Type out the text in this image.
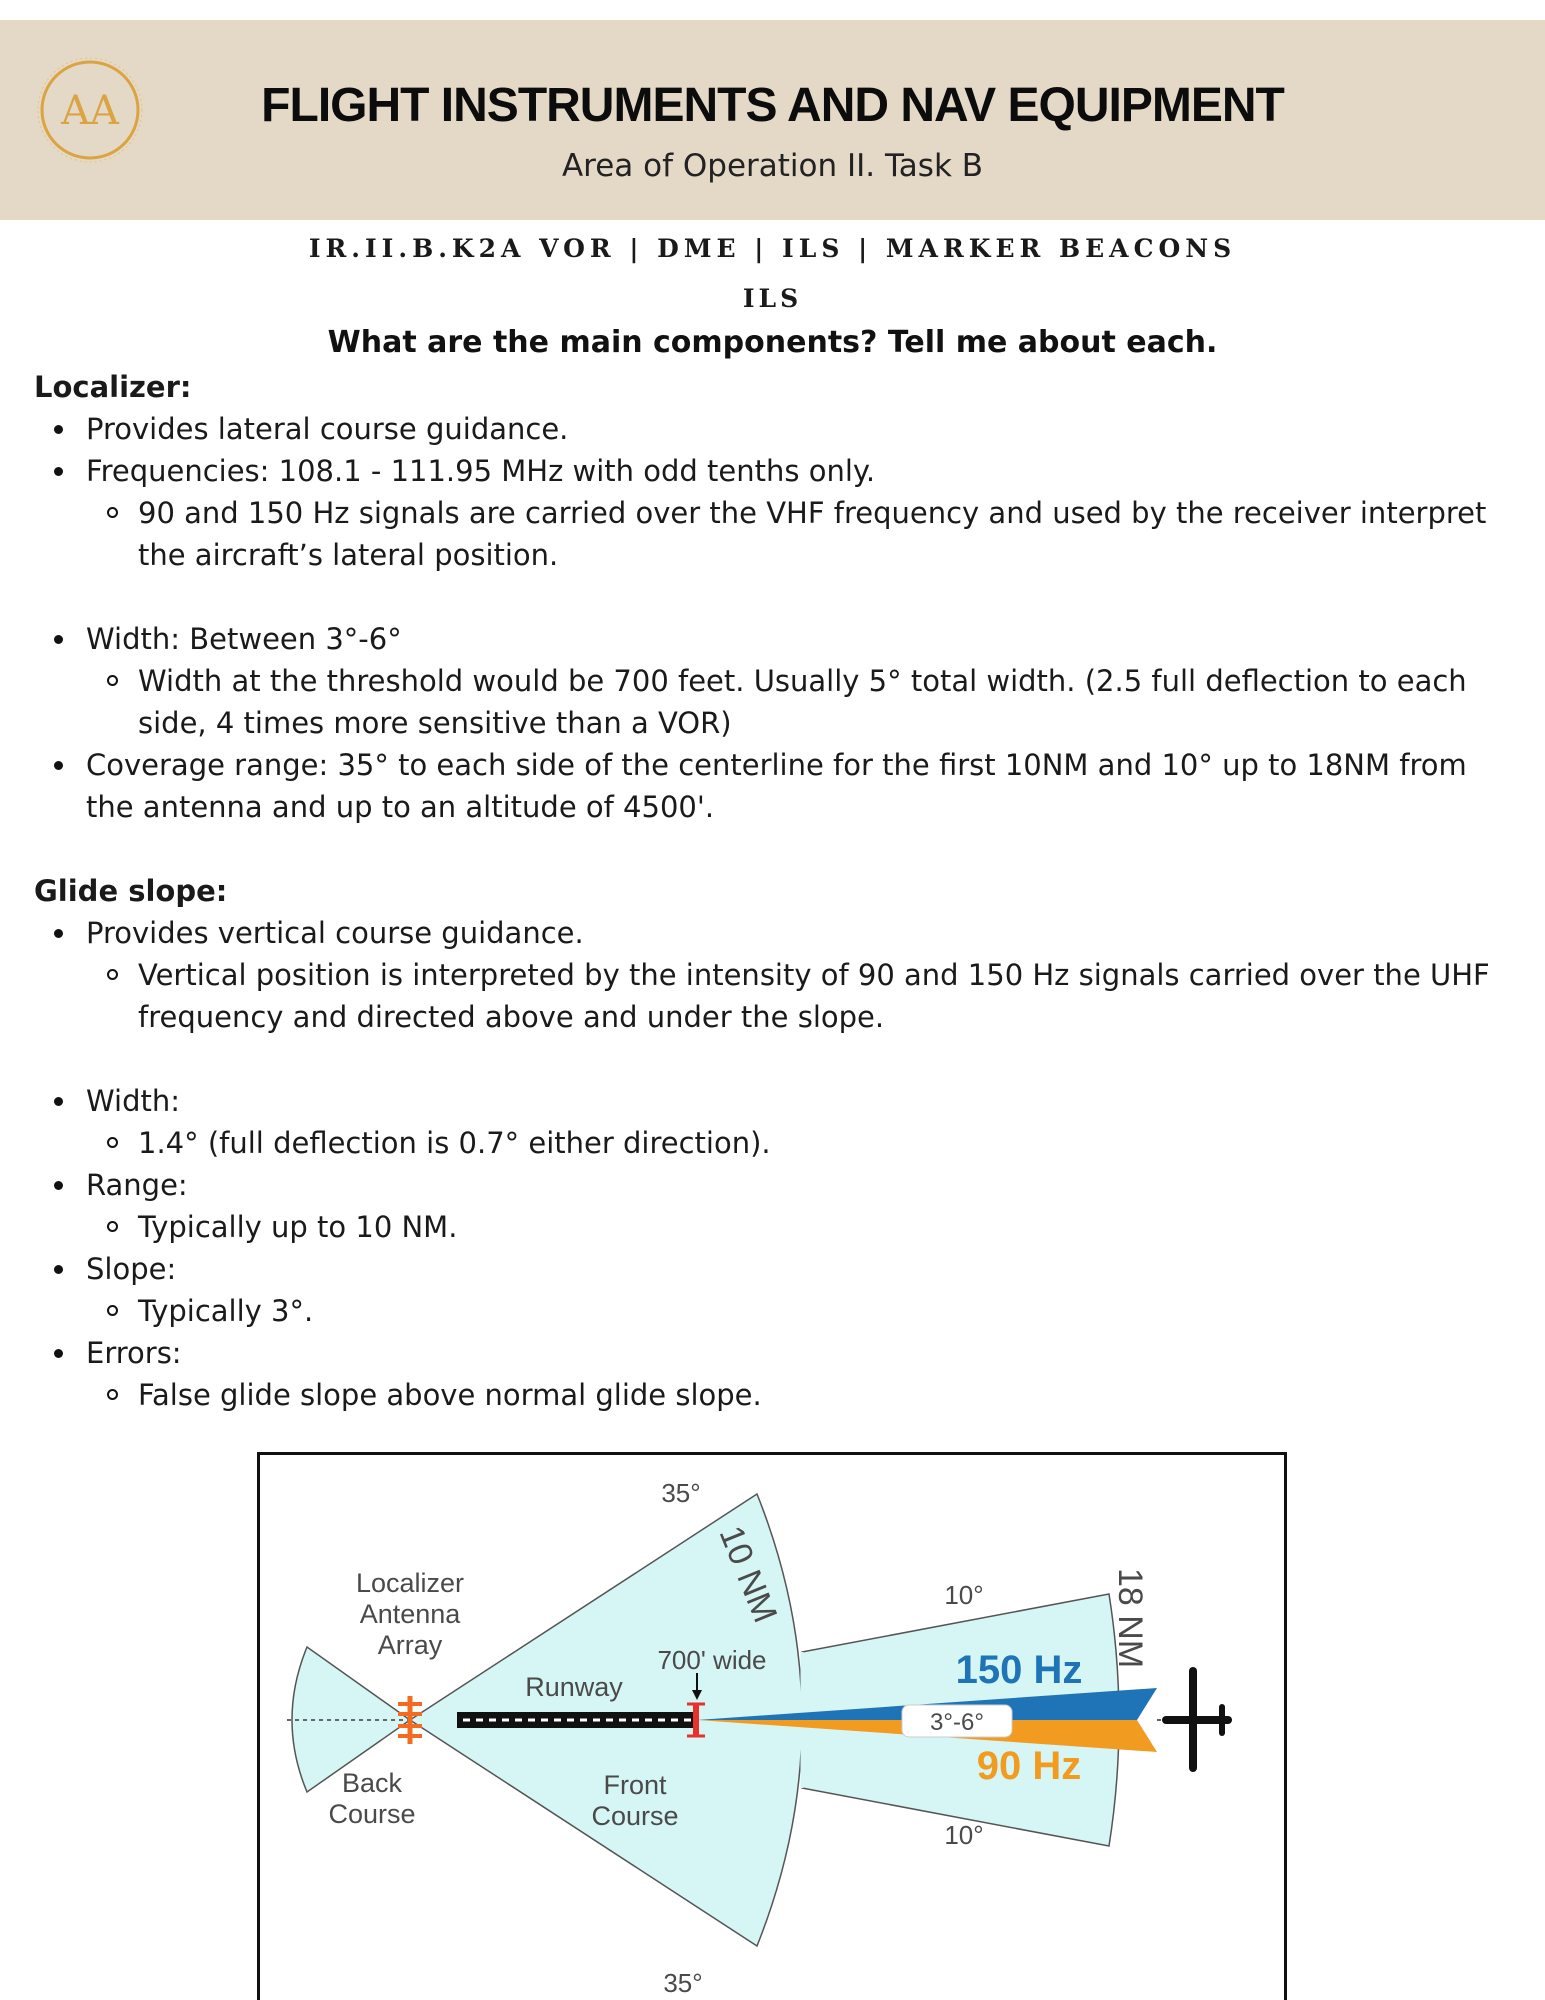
AA	FLIGHT INSTRUMENTS AND NAV EQUIPMENT
Area of Operation II. Task B
IR.II.B.K2A VOR | DME | ILS | MARKER BEACONS
ILS
What are the main components? Tell me about each.
Localizer:
Provides lateral course guidance.
Frequencies: 108.1 - 111.95 MHz with odd tenths only.
90 and 150 Hz signals are carried over the VHF frequency and used by the receiver interpret the aircraft’s lateral position.
Width: Between 3°-6°
Width at the threshold would be 700 feet. Usually 5° total width. (2.5 full deflection to each side, 4 times more sensitive than a VOR)
Coverage range: 35° to each side of the centerline for the first 10NM and 10° up to 18NM from the antenna and up to an altitude of 4500'.
Glide slope:
Provides vertical course guidance.
Vertical position is interpreted by the intensity of 90 and 150 Hz signals carried over the UHF frequency and directed above and under the slope.
Width:
1.4° (full deflection is 0.7° either direction).
Range:
Typically up to 10 NM.
Slope:
Typically 3°.
Errors:
False glide slope above normal glide slope.
35°
35°
10 NM	18 NM
Localizer
Antenna
Array
Runway
700' wide
Back
Course
Front
Course
10°
10°
150 Hz
90 Hz
3°-6°
